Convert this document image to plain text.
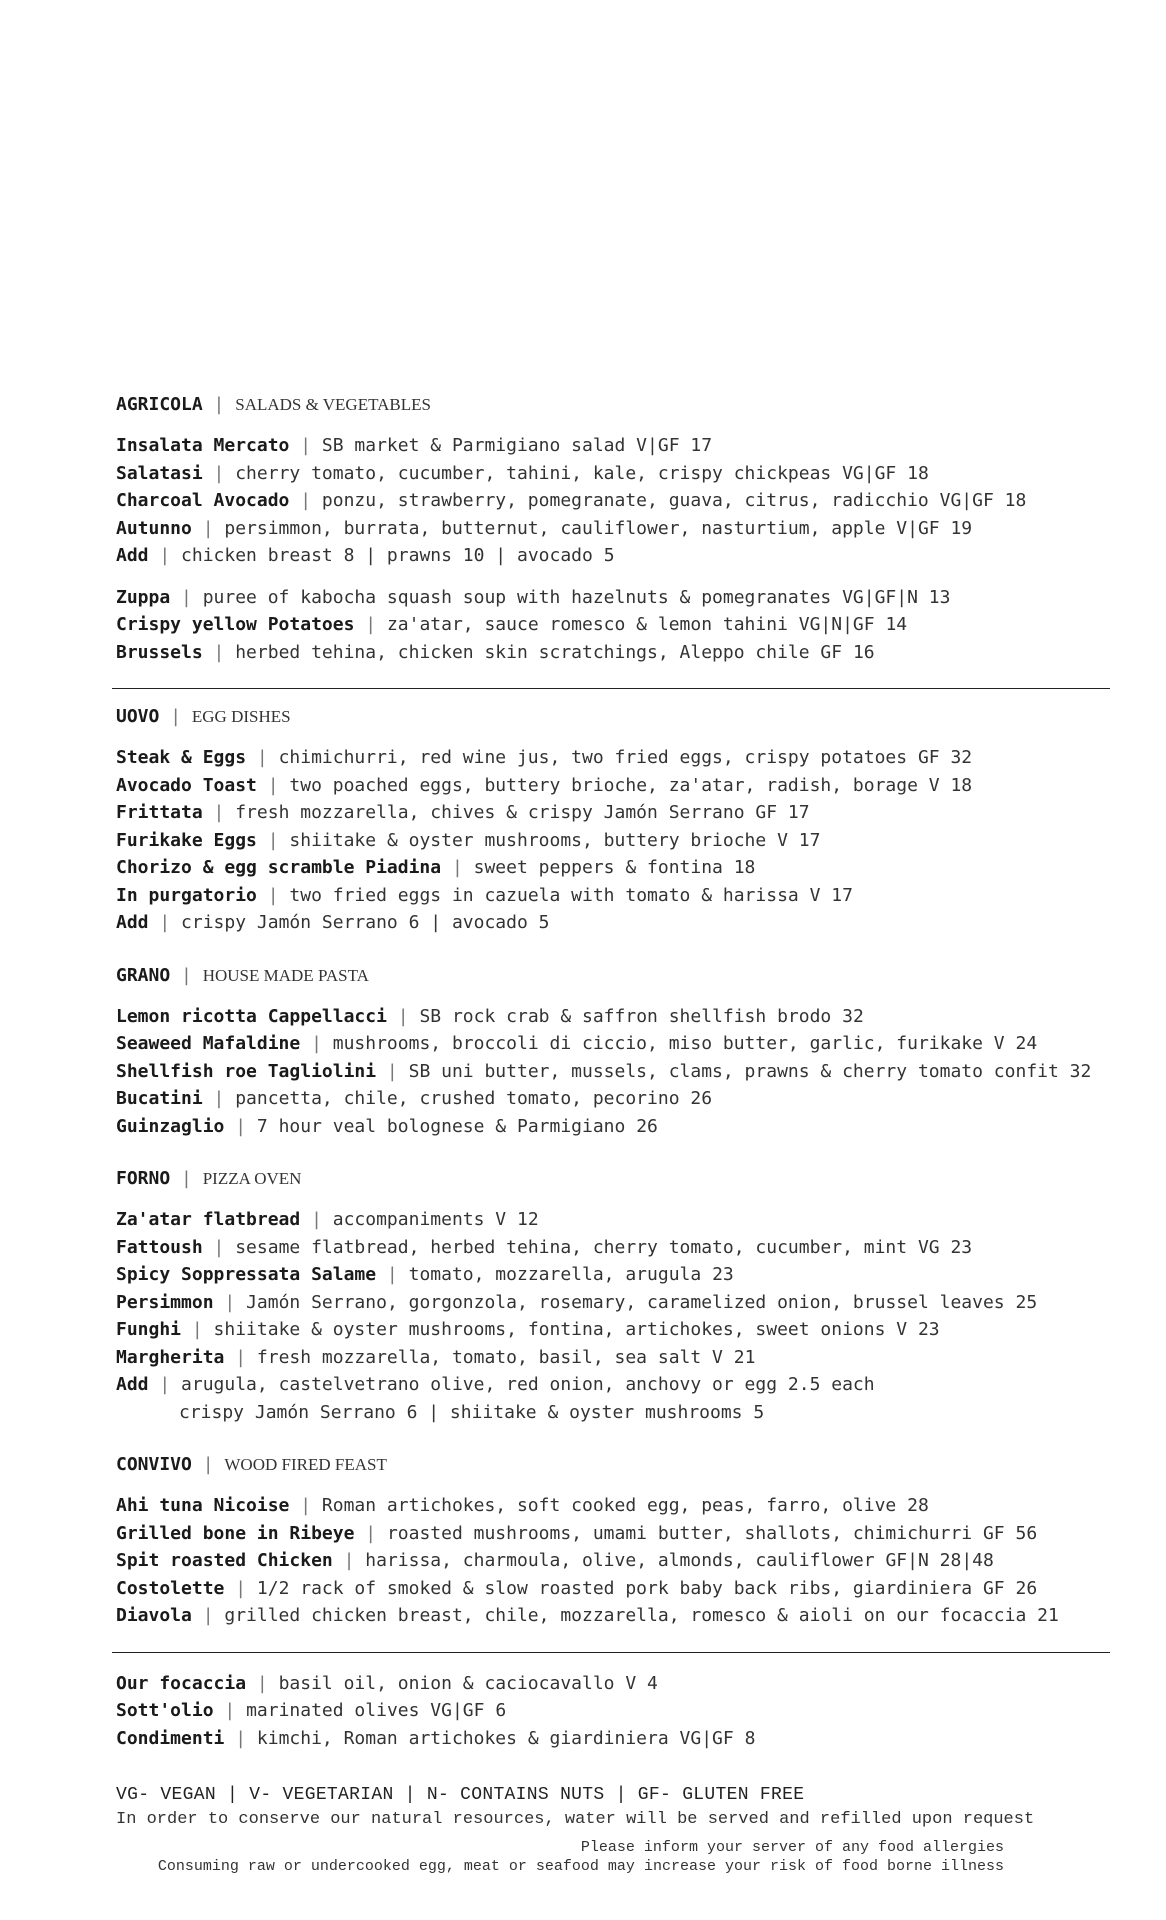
AGRICOLA | SALADS & VEGETABLES
Insalata Mercato | SB market & Parmigiano salad V|GF 17
Salatasi | cherry tomato, cucumber, tahini, kale, crispy chickpeas VG|GF 18
Charcoal Avocado | ponzu, strawberry, pomegranate, guava, citrus, radicchio VG|GF 18
Autunno | persimmon, burrata, butternut, cauliflower, nasturtium, apple V|GF 19
Add | chicken breast 8 | prawns 10 | avocado 5
Zuppa | puree of kabocha squash soup with hazelnuts & pomegranates VG|GF|N 13
Crispy yellow Potatoes | za'atar, sauce romesco & lemon tahini VG|N|GF 14
Brussels | herbed tehina, chicken skin scratchings, Aleppo chile GF 16
UOVO | EGG DISHES
Steak & Eggs | chimichurri, red wine jus, two fried eggs, crispy potatoes GF 32
Avocado Toast | two poached eggs, buttery brioche, za'atar, radish, borage V 18
Frittata | fresh mozzarella, chives & crispy Jamón Serrano GF 17
Furikake Eggs | shiitake & oyster mushrooms, buttery brioche V 17
Chorizo & egg scramble Piadina | sweet peppers & fontina 18
In purgatorio | two fried eggs in cazuela with tomato & harissa V 17
Add | crispy Jamón Serrano 6 | avocado 5
GRANO | HOUSE MADE PASTA
Lemon ricotta Cappellacci | SB rock crab & saffron shellfish brodo 32
Seaweed Mafaldine | mushrooms, broccoli di ciccio, miso butter, garlic, furikake V 24
Shellfish roe Tagliolini | SB uni butter, mussels, clams, prawns & cherry tomato confit 32
Bucatini | pancetta, chile, crushed tomato, pecorino 26
Guinzaglio | 7 hour veal bolognese & Parmigiano 26
FORNO | PIZZA OVEN
Za'atar flatbread | accompaniments V 12
Fattoush | sesame flatbread, herbed tehina, cherry tomato, cucumber, mint VG 23
Spicy Soppressata Salame | tomato, mozzarella, arugula 23
Persimmon | Jamón Serrano, gorgonzola, rosemary, caramelized onion, brussel leaves 25
Funghi | shiitake & oyster mushrooms, fontina, artichokes, sweet onions V 23
Margherita | fresh mozzarella, tomato, basil, sea salt V 21
Add | arugula, castelvetrano olive, red onion, anchovy or egg 2.5 each
crispy Jamón Serrano 6 | shiitake & oyster mushrooms 5
CONVIVO | WOOD FIRED FEAST
Ahi tuna Nicoise | Roman artichokes, soft cooked egg, peas, farro, olive 28
Grilled bone in Ribeye | roasted mushrooms, umami butter, shallots, chimichurri GF 56
Spit roasted Chicken | harissa, charmoula, olive, almonds, cauliflower GF|N 28|48
Costolette | 1/2 rack of smoked & slow roasted pork baby back ribs, giardiniera GF 26
Diavola | grilled chicken breast, chile, mozzarella, romesco & aioli on our focaccia 21
Our focaccia | basil oil, onion & caciocavallo V 4
Sott'olio | marinated olives VG|GF 6
Condimenti | kimchi, Roman artichokes & giardiniera VG|GF 8
VG- VEGAN | V- VEGETARIAN | N- CONTAINS NUTS | GF- GLUTEN FREE
In order to conserve our natural resources, water will be served and refilled upon request
Please inform your server of any food allergies
Consuming raw or undercooked egg, meat or seafood may increase your risk of food borne illness
